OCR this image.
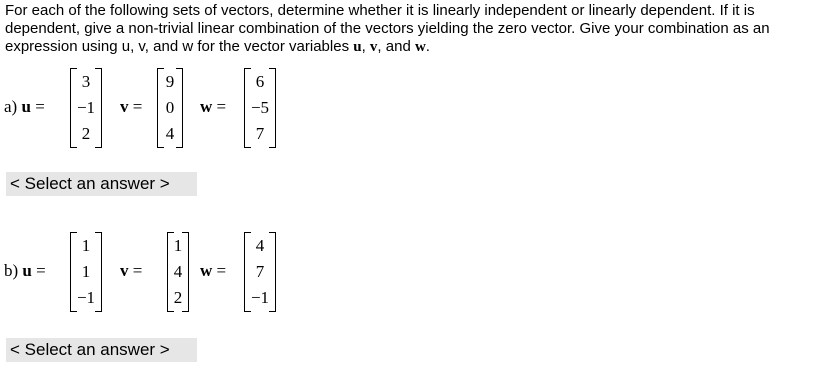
For each of the following sets of vectors, determine whether it is linearly independent or linearly dependent. If it is dependent, give a non-trivial linear combination of the vectors yielding the zero vector. Give your combination as an expression using u, v, and w for the vector variables u, v, and w.
a) u =
3
−1
2
v =
9
0
4
w =
6
−5
7
< Select an answer >
b) u =
1
1
−1
v =
1
4
2
w =
4
7
−1
< Select an answer >
